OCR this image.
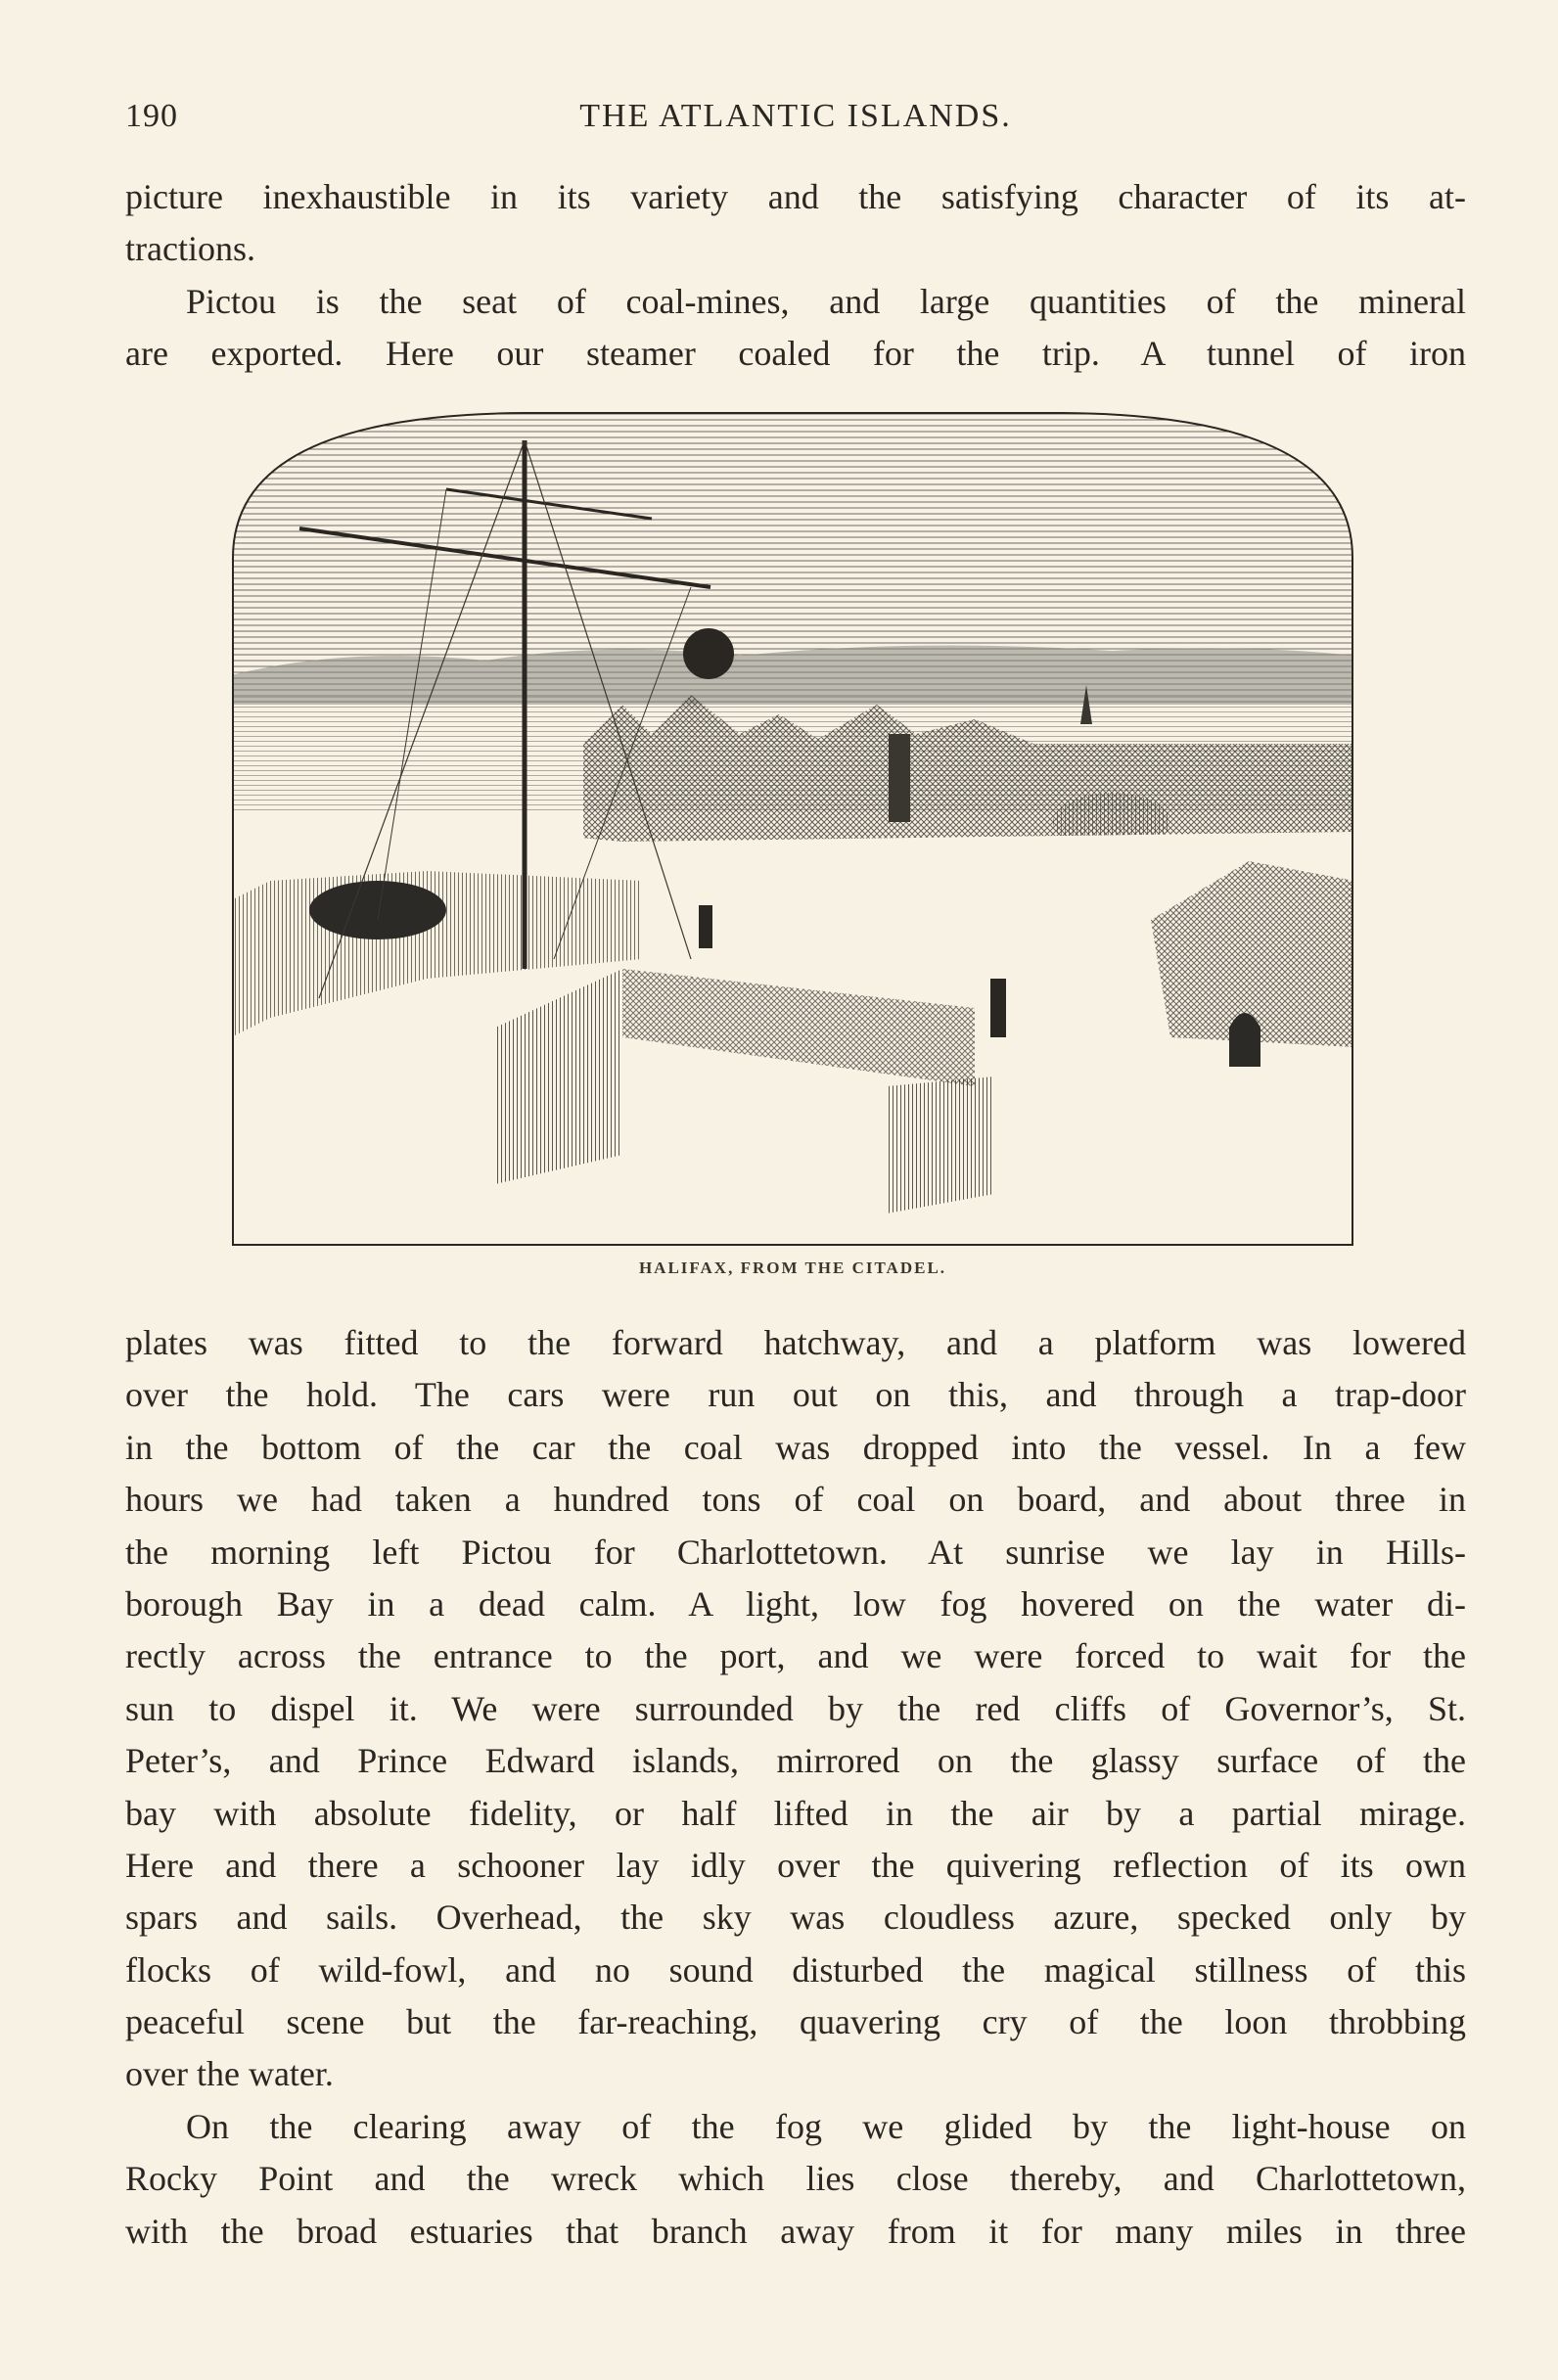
190	THE ATLANTIC ISLANDS.
picture inexhaustible in its variety and the satisfying character of its at-
tractions.
Pictou is the seat of coal-mines, and large quantities of the mineral
are exported. Here our steamer coaled for the trip. A tunnel of iron
HALIFAX, FROM THE CITADEL.
plates was fitted to the forward hatchway, and a platform was lowered
over the hold. The cars were run out on this, and through a trap-door
in the bottom of the car the coal was dropped into the vessel. In a few
hours we had taken a hundred tons of coal on board, and about three in
the morning left Pictou for Charlottetown. At sunrise we lay in Hills-
borough Bay in a dead calm. A light, low fog hovered on the water di-
rectly across the entrance to the port, and we were forced to wait for the
sun to dispel it. We were surrounded by the red cliffs of Governor’s, St.
Peter’s, and Prince Edward islands, mirrored on the glassy surface of the
bay with absolute fidelity, or half lifted in the air by a partial mirage.
Here and there a schooner lay idly over the quivering reflection of its own
spars and sails. Overhead, the sky was cloudless azure, specked only by
flocks of wild-fowl, and no sound disturbed the magical stillness of this
peaceful scene but the far-reaching, quavering cry of the loon throbbing
over the water.
On the clearing away of the fog we glided by the light-house on
Rocky Point and the wreck which lies close thereby, and Charlottetown,
with the broad estuaries that branch away from it for many miles in three
